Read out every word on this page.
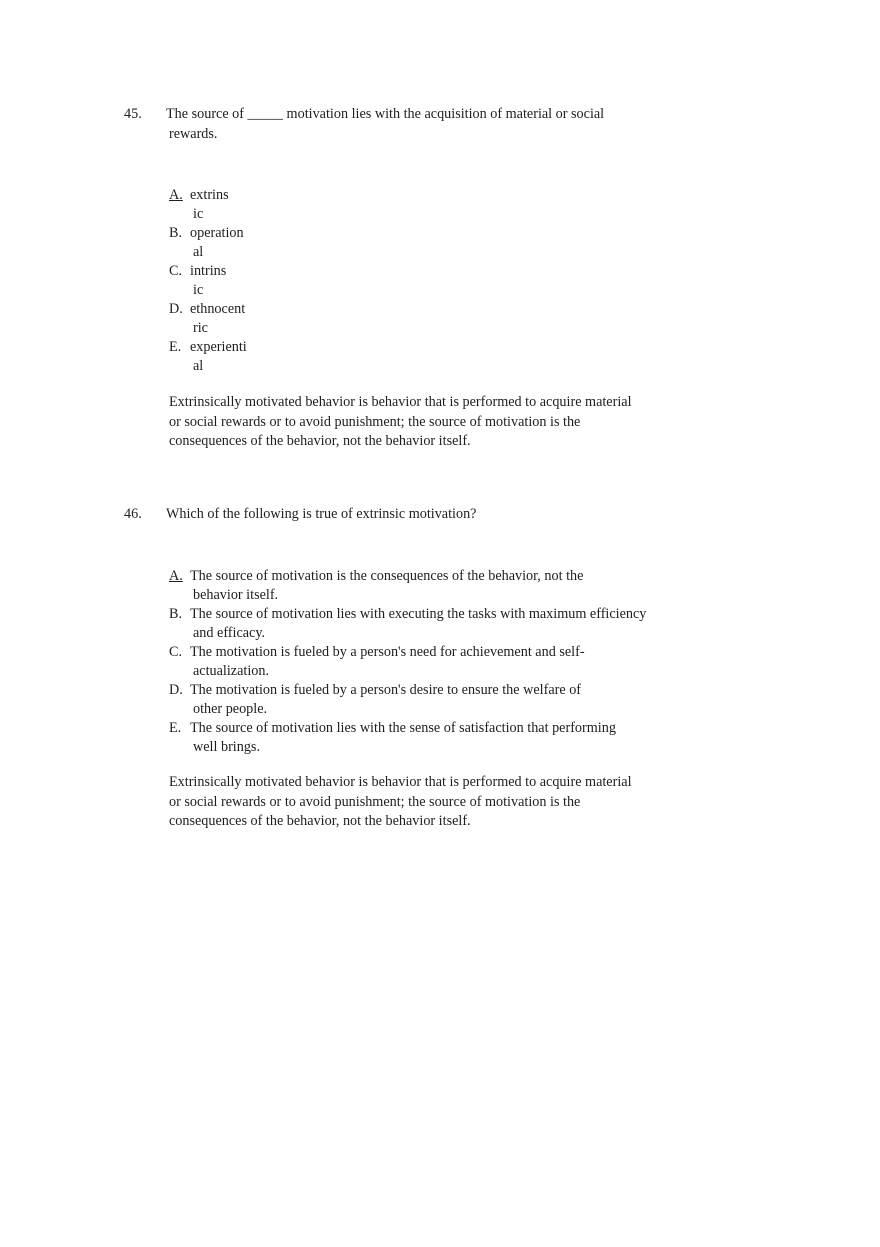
45. The source of _____ motivation lies with the acquisition of material or social
rewards.
A. extrins
ic
B. operation
al
C. intrins
ic
D. ethnocent
ric
E. experienti
al
Extrinsically motivated behavior is behavior that is performed to acquire material
or social rewards or to avoid punishment; the source of motivation is the
consequences of the behavior, not the behavior itself.
46. Which of the following is true of extrinsic motivation?
A. The source of motivation is the consequences of the behavior, not the
behavior itself.
B. The source of motivation lies with executing the tasks with maximum efficiency
and efficacy.
C. The motivation is fueled by a person's need for achievement and self-
actualization.
D. The motivation is fueled by a person's desire to ensure the welfare of
other people.
E. The source of motivation lies with the sense of satisfaction that performing
well brings.
Extrinsically motivated behavior is behavior that is performed to acquire material
or social rewards or to avoid punishment; the source of motivation is the
consequences of the behavior, not the behavior itself.
